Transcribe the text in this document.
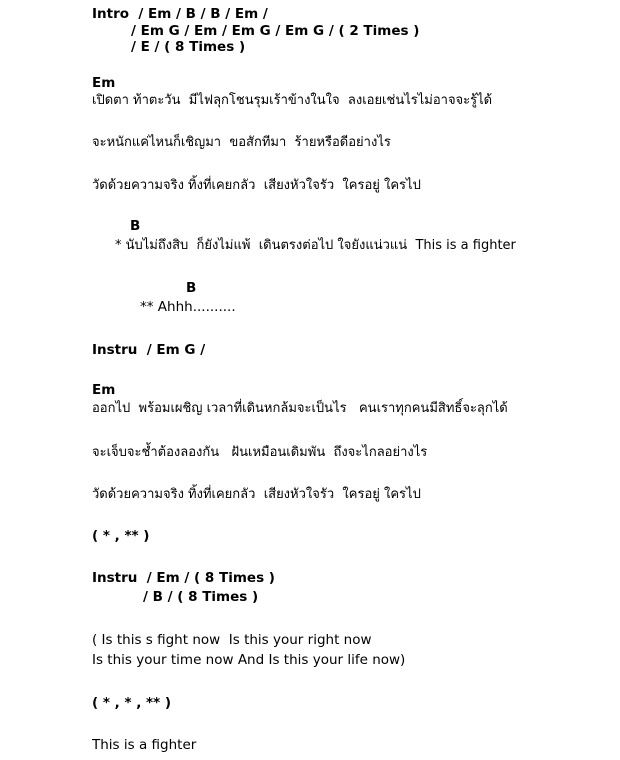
Intro  / Em / B / B / Em /
/ Em G / Em / Em G / Em G / ( 2 Times )
/ E / ( 8 Times )
Em
เปิดตา ท้าตะวัน  มีไฟลุกโชนรุมเร้าข้างในใจ  ลงเอยเช่นไรไม่อาจจะรู้ได้
จะหนักแค่ไหนก็เชิญมา  ขอสักทีมา  ร้ายหรือดีอย่างไร
วัดด้วยความจริง ทิ้งที่เคยกลัว  เสียงหัวใจรัว  ใครอยู่ ใครไป
B
* นับไม่ถึงสิบ  ก็ยังไม่แพ้  เดินตรงต่อไป ใจยังแน่วแน่  This is a fighter
B
** Ahhh..........
Instru  / Em G /
Em
ออกไป  พร้อมเผชิญ เวลาที่เดินหกล้มจะเป็นไร   คนเราทุกคนมีสิทธิ์จะลุกได้
จะเจ็บจะช้ำต้องลองกัน   ฝันเหมือนเดิมพัน  ถึงจะไกลอย่างไร
วัดด้วยความจริง ทิ้งที่เคยกลัว  เสียงหัวใจรัว  ใครอยู่ ใครไป
( * , ** )
Instru  / Em / ( 8 Times )
/ B / ( 8 Times )
( Is this s fight now  Is this your right now
Is this your time now And Is this your life now)
( * , * , ** )
This is a fighter
